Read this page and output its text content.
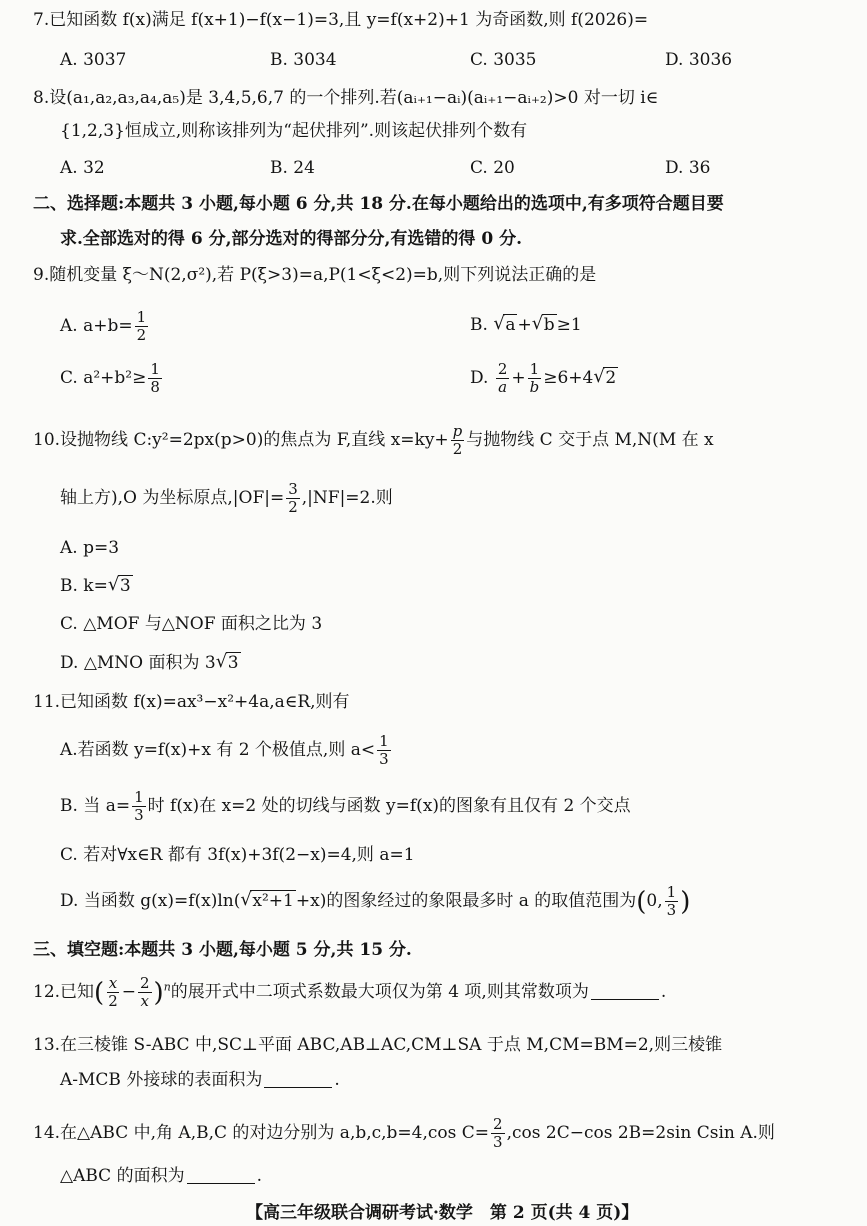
7.已知函数 f(x)满足 f(x+1)−f(x−1)=3,且 y=f(x+2)+1 为奇函数,则 f(2026)=
A. 3037	B. 3034	C. 3035	D. 3036
8.设(a₁,a₂,a₃,a₄,a₅)是 3,4,5,6,7 的一个排列.若(aᵢ₊₁−aᵢ)(aᵢ₊₁−aᵢ₊₂)>0 对一切 i∈
{1,2,3}恒成立,则称该排列为“起伏排列”.则该起伏排列个数有
A. 32	B. 24	C. 20	D. 36
二、选择题:本题共 3 小题,每小题 6 分,共 18 分.在每小题给出的选项中,有多项符合题目要
求.全部选对的得 6 分,部分选对的得部分分,有选错的得 0 分.
9.随机变量 ξ～N(2,σ²),若 P(ξ>3)=a,P(1<ξ<2)=b,则下列说法正确的是
A. $a+b= \frac{1}{2}$	B. √ a +√ b ≥1
C. $a^2+b^2\ge \frac{1}{8}$	D. $\frac{2}{a} + \frac{1}{b} \ge 6+4√$ 2
10.设抛物线 C:y²=2px(p>0)的焦点为 F,直线 $x=ky+ \frac{p}{2}$ 与抛物线 C 交于点 M,N(M 在 x
轴上方),O 为坐标原点$,|OF|= \frac{3}{2} ,|NF|=2$.则
A. p=3
B. k=√ 3
C. △MOF 与△NOF 面积之比为 3
D. △MNO 面积为 3√ 3
11.已知函数 f(x)=ax³−x²+4a,a∈R,则有
A.若函数 y=f(x)+x 有 2 个极值点,则 $a< \frac{1}{3}$
B. 当 $a= \frac{1}{3}$ 时 f(x)在 x=2 处的切线与函数 y=f(x)的图象有且仅有 2 个交点
C. 若对∀x∈R 都有 3f(x)+3f(2−x)=4,则 a=1
D. 当函数 g(x)=f(x)ln(√ x²+1 +x)的图象经过的象限最多时 a 的取值范围为(0, $\frac{1}{3}$ )
三、填空题:本题共 3 小题,每小题 5 分,共 15 分.
12.已知( $\frac{x}{2} - \frac{2}{x} )^n$的展开式中二项式系数最大项仅为第 4 项,则其常数项为	.
13.在三棱锥 S-ABC 中,SC⊥平面 ABC,AB⊥AC,CM⊥SA 于点 M,CM=BM=2,则三棱锥
A-MCB 外接球的表面积为	.
14.在△ABC 中,角 A,B,C 的对边分别为 a,b,c,b=4,cos $C= \frac{2}{3} ,\cos$ 2C−cos 2B=2sin Csin A.则
△ABC 的面积为	.
【高三年级联合调研考试·数学　第 2 页(共 4 页)】
